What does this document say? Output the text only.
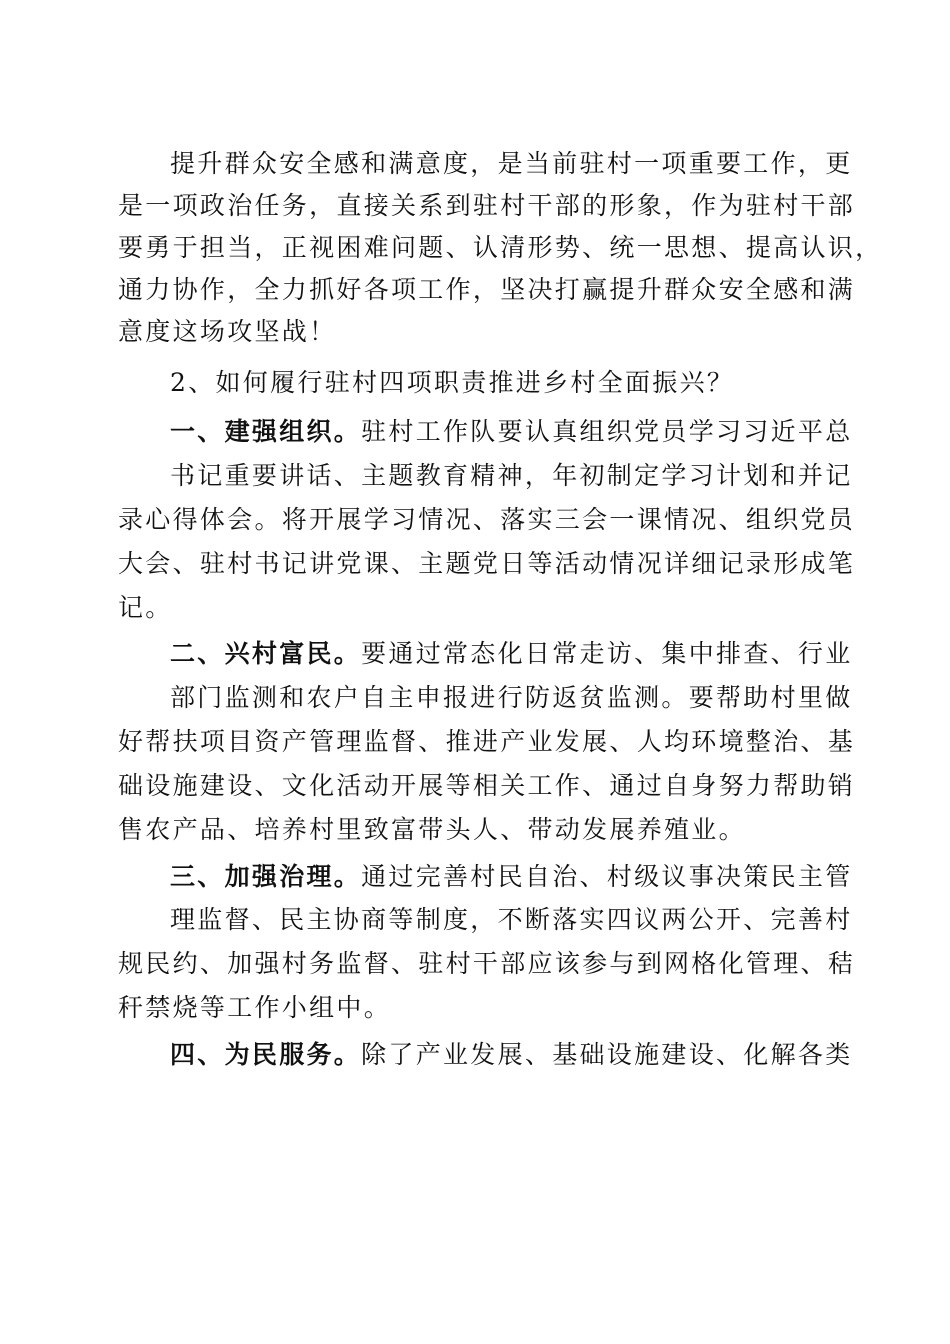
提升群众安全感和满意度，是当前驻村一项重要工作，更
是一项政治任务，直接关系到驻村干部的形象，作为驻村干部
要勇于担当，正视困难问题、认清形势、统一思想、提高认识，
通力协作，全力抓好各项工作，坚决打赢提升群众安全感和满
意度这场攻坚战！
2、如何履行驻村四项职责推进乡村全面振兴？
一、建强组织。驻村工作队要认真组织党员学习习近平总
书记重要讲话、主题教育精神，年初制定学习计划和并记
录心得体会。将开展学习情况、落实三会一课情况、组织党员
大会、驻村书记讲党课、主题党日等活动情况详细记录形成笔
记。
二、兴村富民。要通过常态化日常走访、集中排查、行业
部门监测和农户自主申报进行防返贫监测。要帮助村里做
好帮扶项目资产管理监督、推进产业发展、人均环境整治、基
础设施建设、文化活动开展等相关工作、通过自身努力帮助销
售农产品、培养村里致富带头人、带动发展养殖业。
三、加强治理。通过完善村民自治、村级议事决策民主管
理监督、民主协商等制度，不断落实四议两公开、完善村
规民约、加强村务监督、驻村干部应该参与到网格化管理、秸
秆禁烧等工作小组中。
四、为民服务。除了产业发展、基础设施建设、化解各类
